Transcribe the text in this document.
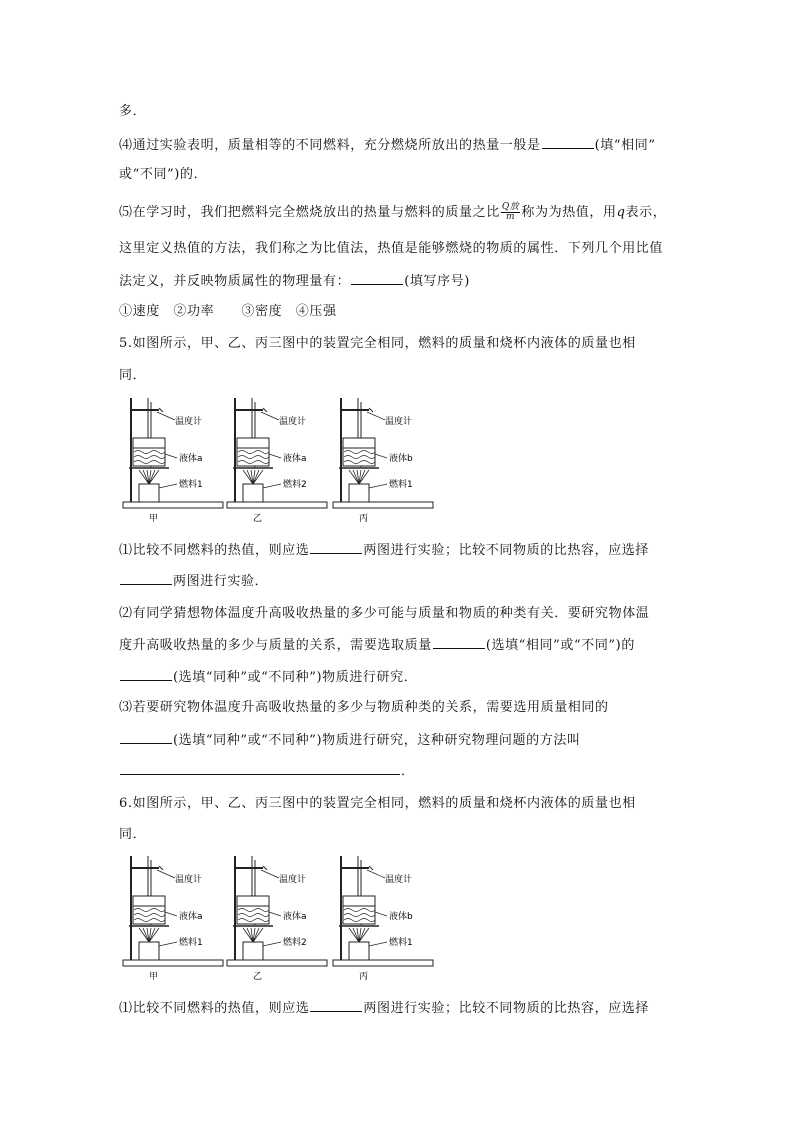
多．
⑷通过实验表明，质量相等的不同燃料，充分燃烧所放出的热量一般是	(填“相同”
或“不同”)的．
⑸在学习时，我们把燃料完全燃烧放出的热量与燃料的质量之比 $\frac{\text{Q放}}{m}$ 称为为热值，用q表示，
这里定义热值的方法，我们称之为比值法，热值是能够燃烧的物质的属性．下列几个用比值
法定义，并反映物质属性的物理量有：	(填写序号)
①速度　②功率　　③密度　④压强
5.如图所示，甲、乙、丙三图中的装置完全相同，燃料的质量和烧杯内液体的质量也相
同．
温度计
液体a
燃料1
甲
温度计
液体a
燃料2
乙
温度计
液体b
燃料1
丙
⑴比较不同燃料的热值，则应选	两图进行实验；比较不同物质的比热容，应选择
两图进行实验．
⑵有同学猜想物体温度升高吸收热量的多少可能与质量和物质的种类有关．要研究物体温
度升高吸收热量的多少与质量的关系，需要选取质量	(选填“相同”或“不同”)的
(选填“同种”或“不同种”)物质进行研究．
⑶若要研究物体温度升高吸收热量的多少与物质种类的关系，需要选用质量相同的
(选填“同种”或“不同种”)物质进行研究，这种研究物理问题的方法叫
．
6.如图所示，甲、乙、丙三图中的装置完全相同，燃料的质量和烧杯内液体的质量也相
同．
温度计
液体a
燃料1
甲
温度计
液体a
燃料2
乙
温度计
液体b
燃料1
丙
⑴比较不同燃料的热值，则应选	两图进行实验；比较不同物质的比热容，应选择
